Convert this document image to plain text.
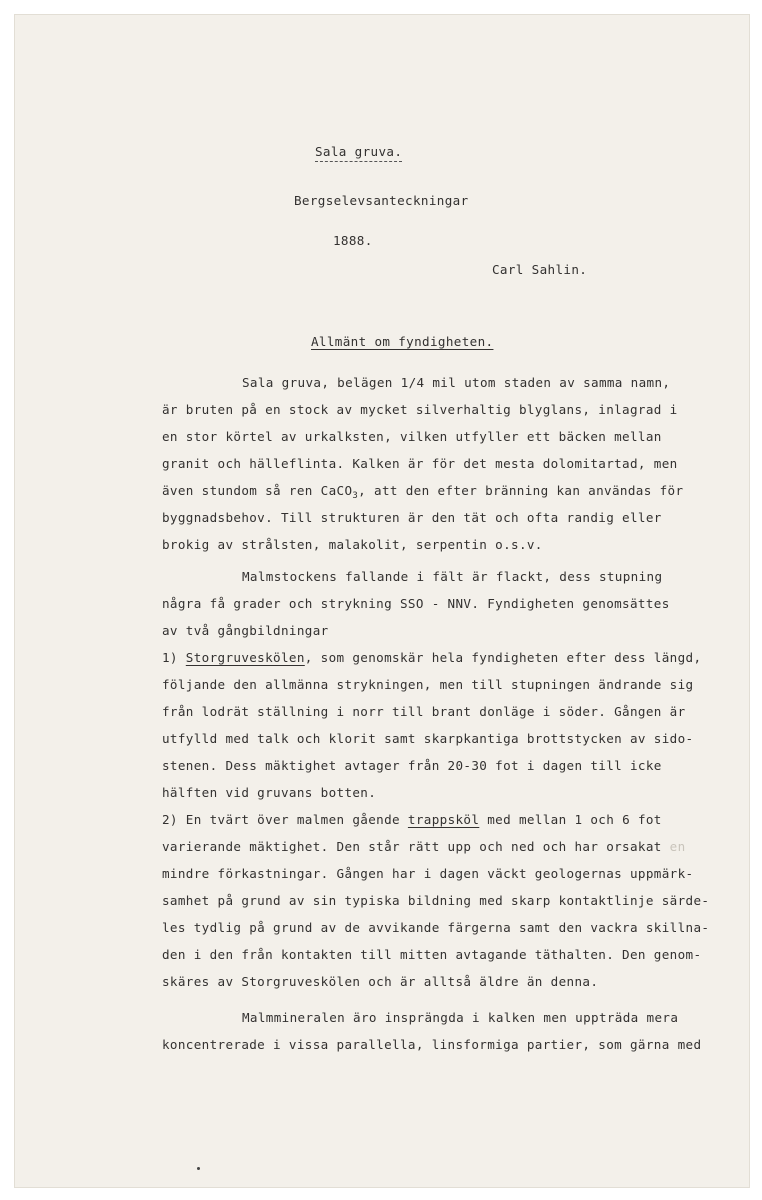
Sala gruva.
Bergselevsanteckningar
1888.
Carl Sahlin.
Allmänt om fyndigheten.
Sala gruva, belägen 1/4 mil utom staden av samma namn,
är bruten på en stock av mycket silverhaltig blyglans, inlagrad i
en stor körtel av urkalksten, vilken utfyller ett bäcken mellan
granit och hälleflinta. Kalken är för det mesta dolomitartad, men
även stundom så ren CaCO$_3$, att den efter bränning kan användas för
byggnadsbehov. Till strukturen är den tät och ofta randig eller
brokig av strålsten, malakolit, serpentin o.s.v.
Malmstockens fallande i fält är flackt, dess stupning
några få grader och strykning SSO - NNV. Fyndigheten genomsättes
av två gångbildningar
1) Storgruveskölen, som genomskär hela fyndigheten efter dess längd,
följande den allmänna strykningen, men till stupningen ändrande sig
från lodrät ställning i norr till brant donläge i söder. Gången är
utfylld med talk och klorit samt skarpkantiga brottstycken av sido-
stenen. Dess mäktighet avtager från 20-30 fot i dagen till icke
hälften vid gruvans botten.
2) En tvärt över malmen gående trappsköl med mellan 1 och 6 fot
varierande mäktighet. Den står rätt upp och ned och har orsakat en
mindre förkastningar. Gången har i dagen väckt geologernas uppmärk-
samhet på grund av sin typiska bildning med skarp kontaktlinje särde-
les tydlig på grund av de avvikande färgerna samt den vackra skillna-
den i den från kontakten till mitten avtagande täthalten. Den genom-
skäres av Storgruveskölen och är alltså äldre än denna.
Malmmineralen äro insprängda i kalken men uppträda mera
koncentrerade i vissa parallella, linsformiga partier, som gärna med
